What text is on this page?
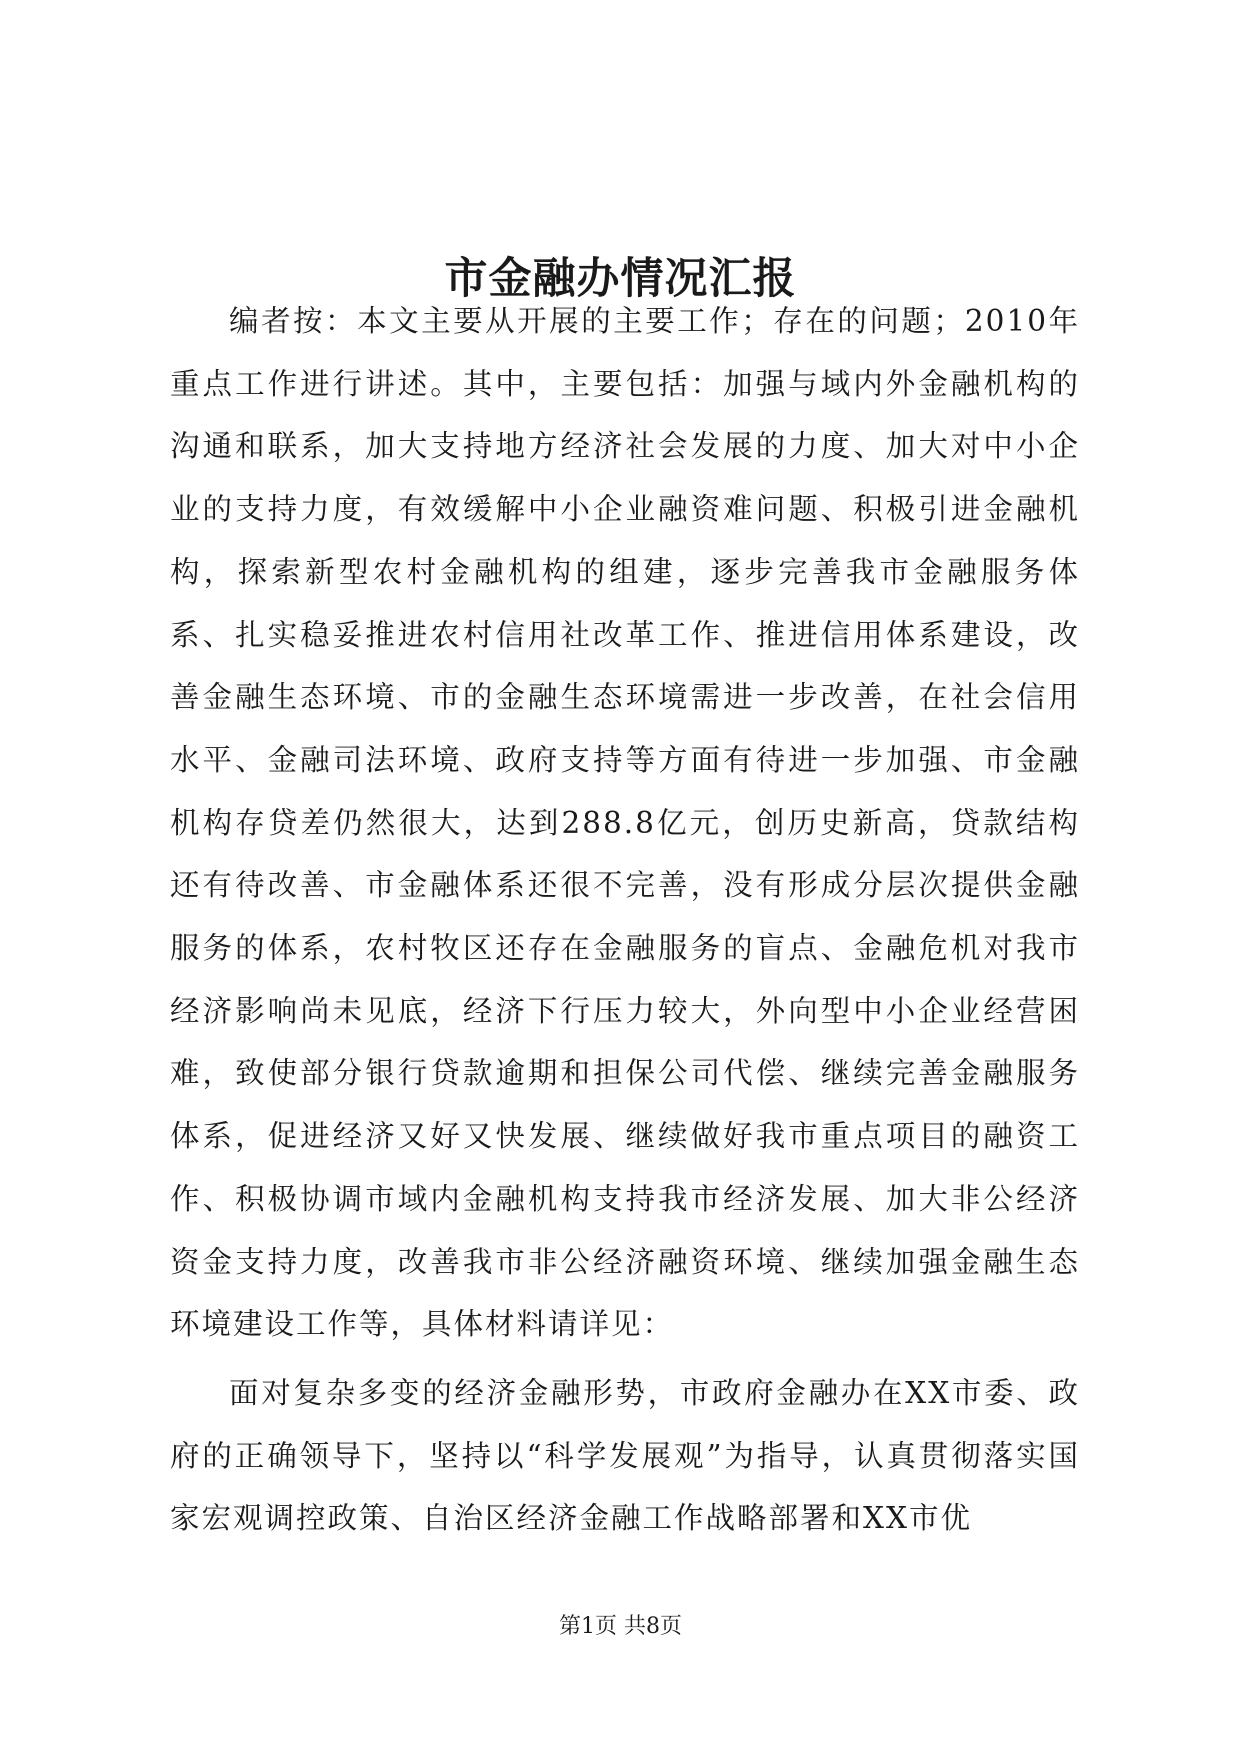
市金融办情况汇报

编者按：本文主要从开展的主要工作；存在的问题；2010年重点工作进行讲述。其中，主要包括：加强与域内外金融机构的沟通和联系，加大支持地方经济社会发展的力度、加大对中小企业的支持力度，有效缓解中小企业融资难问题、积极引进金融机构，探索新型农村金融机构的组建，逐步完善我市金融服务体系、扎实稳妥推进农村信用社改革工作、推进信用体系建设，改善金融生态环境、市的金融生态环境需进一步改善，在社会信用水平、金融司法环境、政府支持等方面有待进一步加强、市金融机构存贷差仍然很大，达到288.8亿元，创历史新高，贷款结构还有待改善、市金融体系还很不完善，没有形成分层次提供金融服务的体系，农村牧区还存在金融服务的盲点、金融危机对我市经济影响尚未见底，经济下行压力较大，外向型中小企业经营困难，致使部分银行贷款逾期和担保公司代偿、继续完善金融服务体系，促进经济又好又快发展、继续做好我市重点项目的融资工作、积极协调市域内金融机构支持我市经济发展、加大非公经济资金支持力度，改善我市非公经济融资环境、继续加强金融生态环境建设工作等，具体材料请详见：

面对复杂多变的经济金融形势，市政府金融办在XX市委、政府的正确领导下，坚持以“科学发展观”为指导，认真贯彻落实国家宏观调控政策、自治区经济金融工作战略部署和XX市优

第1页 共8页
